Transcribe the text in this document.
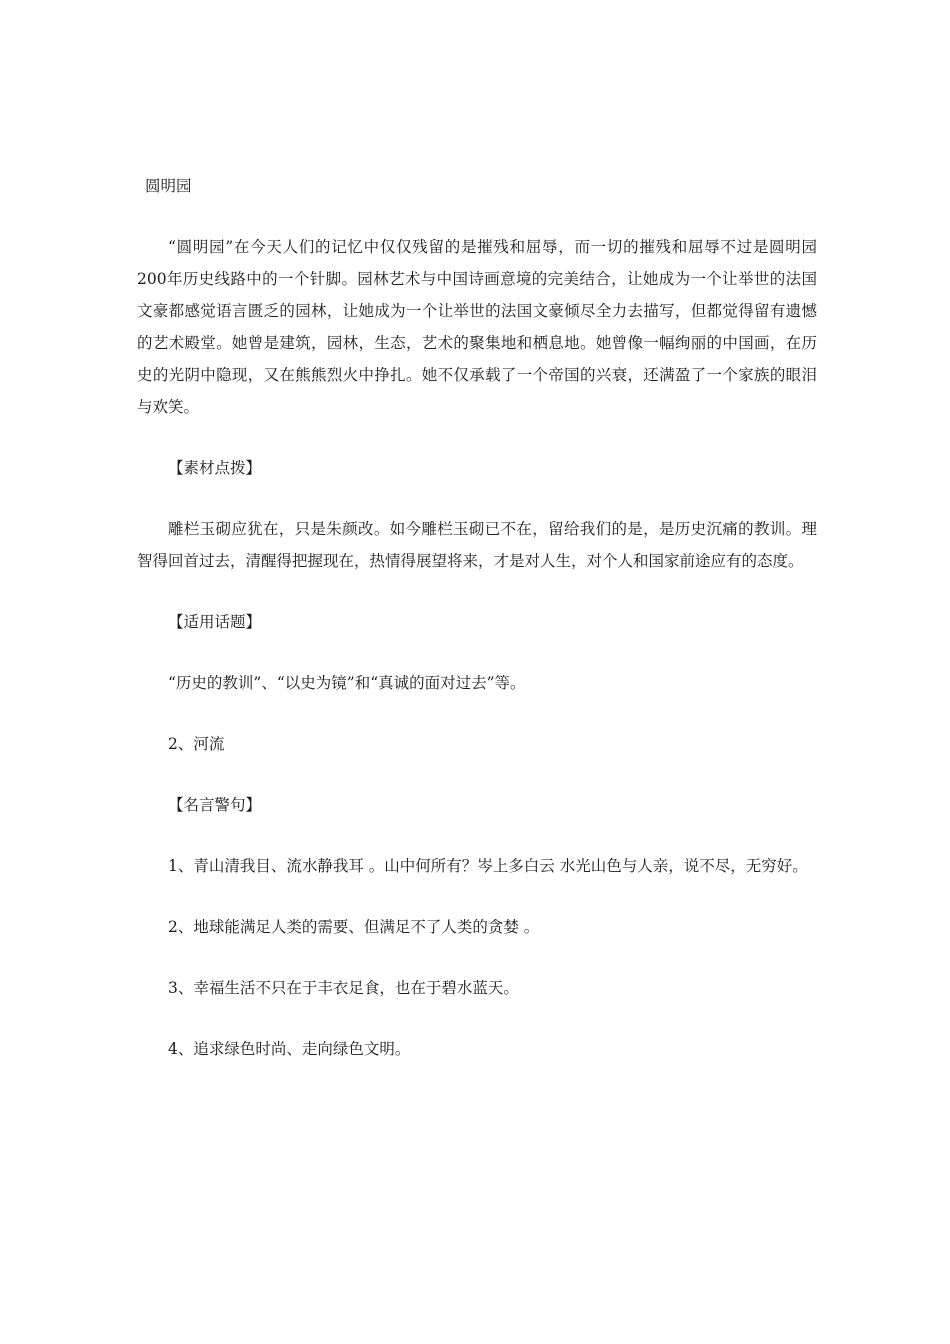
圆明园
“圆明园”在今天人们的记忆中仅仅残留的是摧残和屈辱，而一切的摧残和屈辱不过是圆明园200年历史线路中的一个针脚。园林艺术与中国诗画意境的完美结合，让她成为一个让举世的法国文豪都感觉语言匮乏的园林，让她成为一个让举世的法国文豪倾尽全力去描写，但都觉得留有遗憾的艺术殿堂。她曾是建筑，园林，生态，艺术的聚集地和栖息地。她曾像一幅绚丽的中国画，在历史的光阴中隐现，又在熊熊烈火中挣扎。她不仅承载了一个帝国的兴衰，还满盈了一个家族的眼泪与欢笑。
【素材点拨】
雕栏玉砌应犹在，只是朱颜改。如今雕栏玉砌已不在，留给我们的是，是历史沉痛的教训。理智得回首过去，清醒得把握现在，热情得展望将来，才是对人生，对个人和国家前途应有的态度。
【适用话题】
“历史的教训”、“以史为镜”和“真诚的面对过去”等。
2、河流
【名言警句】
1、青山清我目、流水静我耳 。山中何所有？岑上多白云 水光山色与人亲，说不尽，无穷好。
2、地球能满足人类的需要、但满足不了人类的贪婪 。
3、幸福生活不只在于丰衣足食，也在于碧水蓝天。
4、追求绿色时尚、走向绿色文明。
